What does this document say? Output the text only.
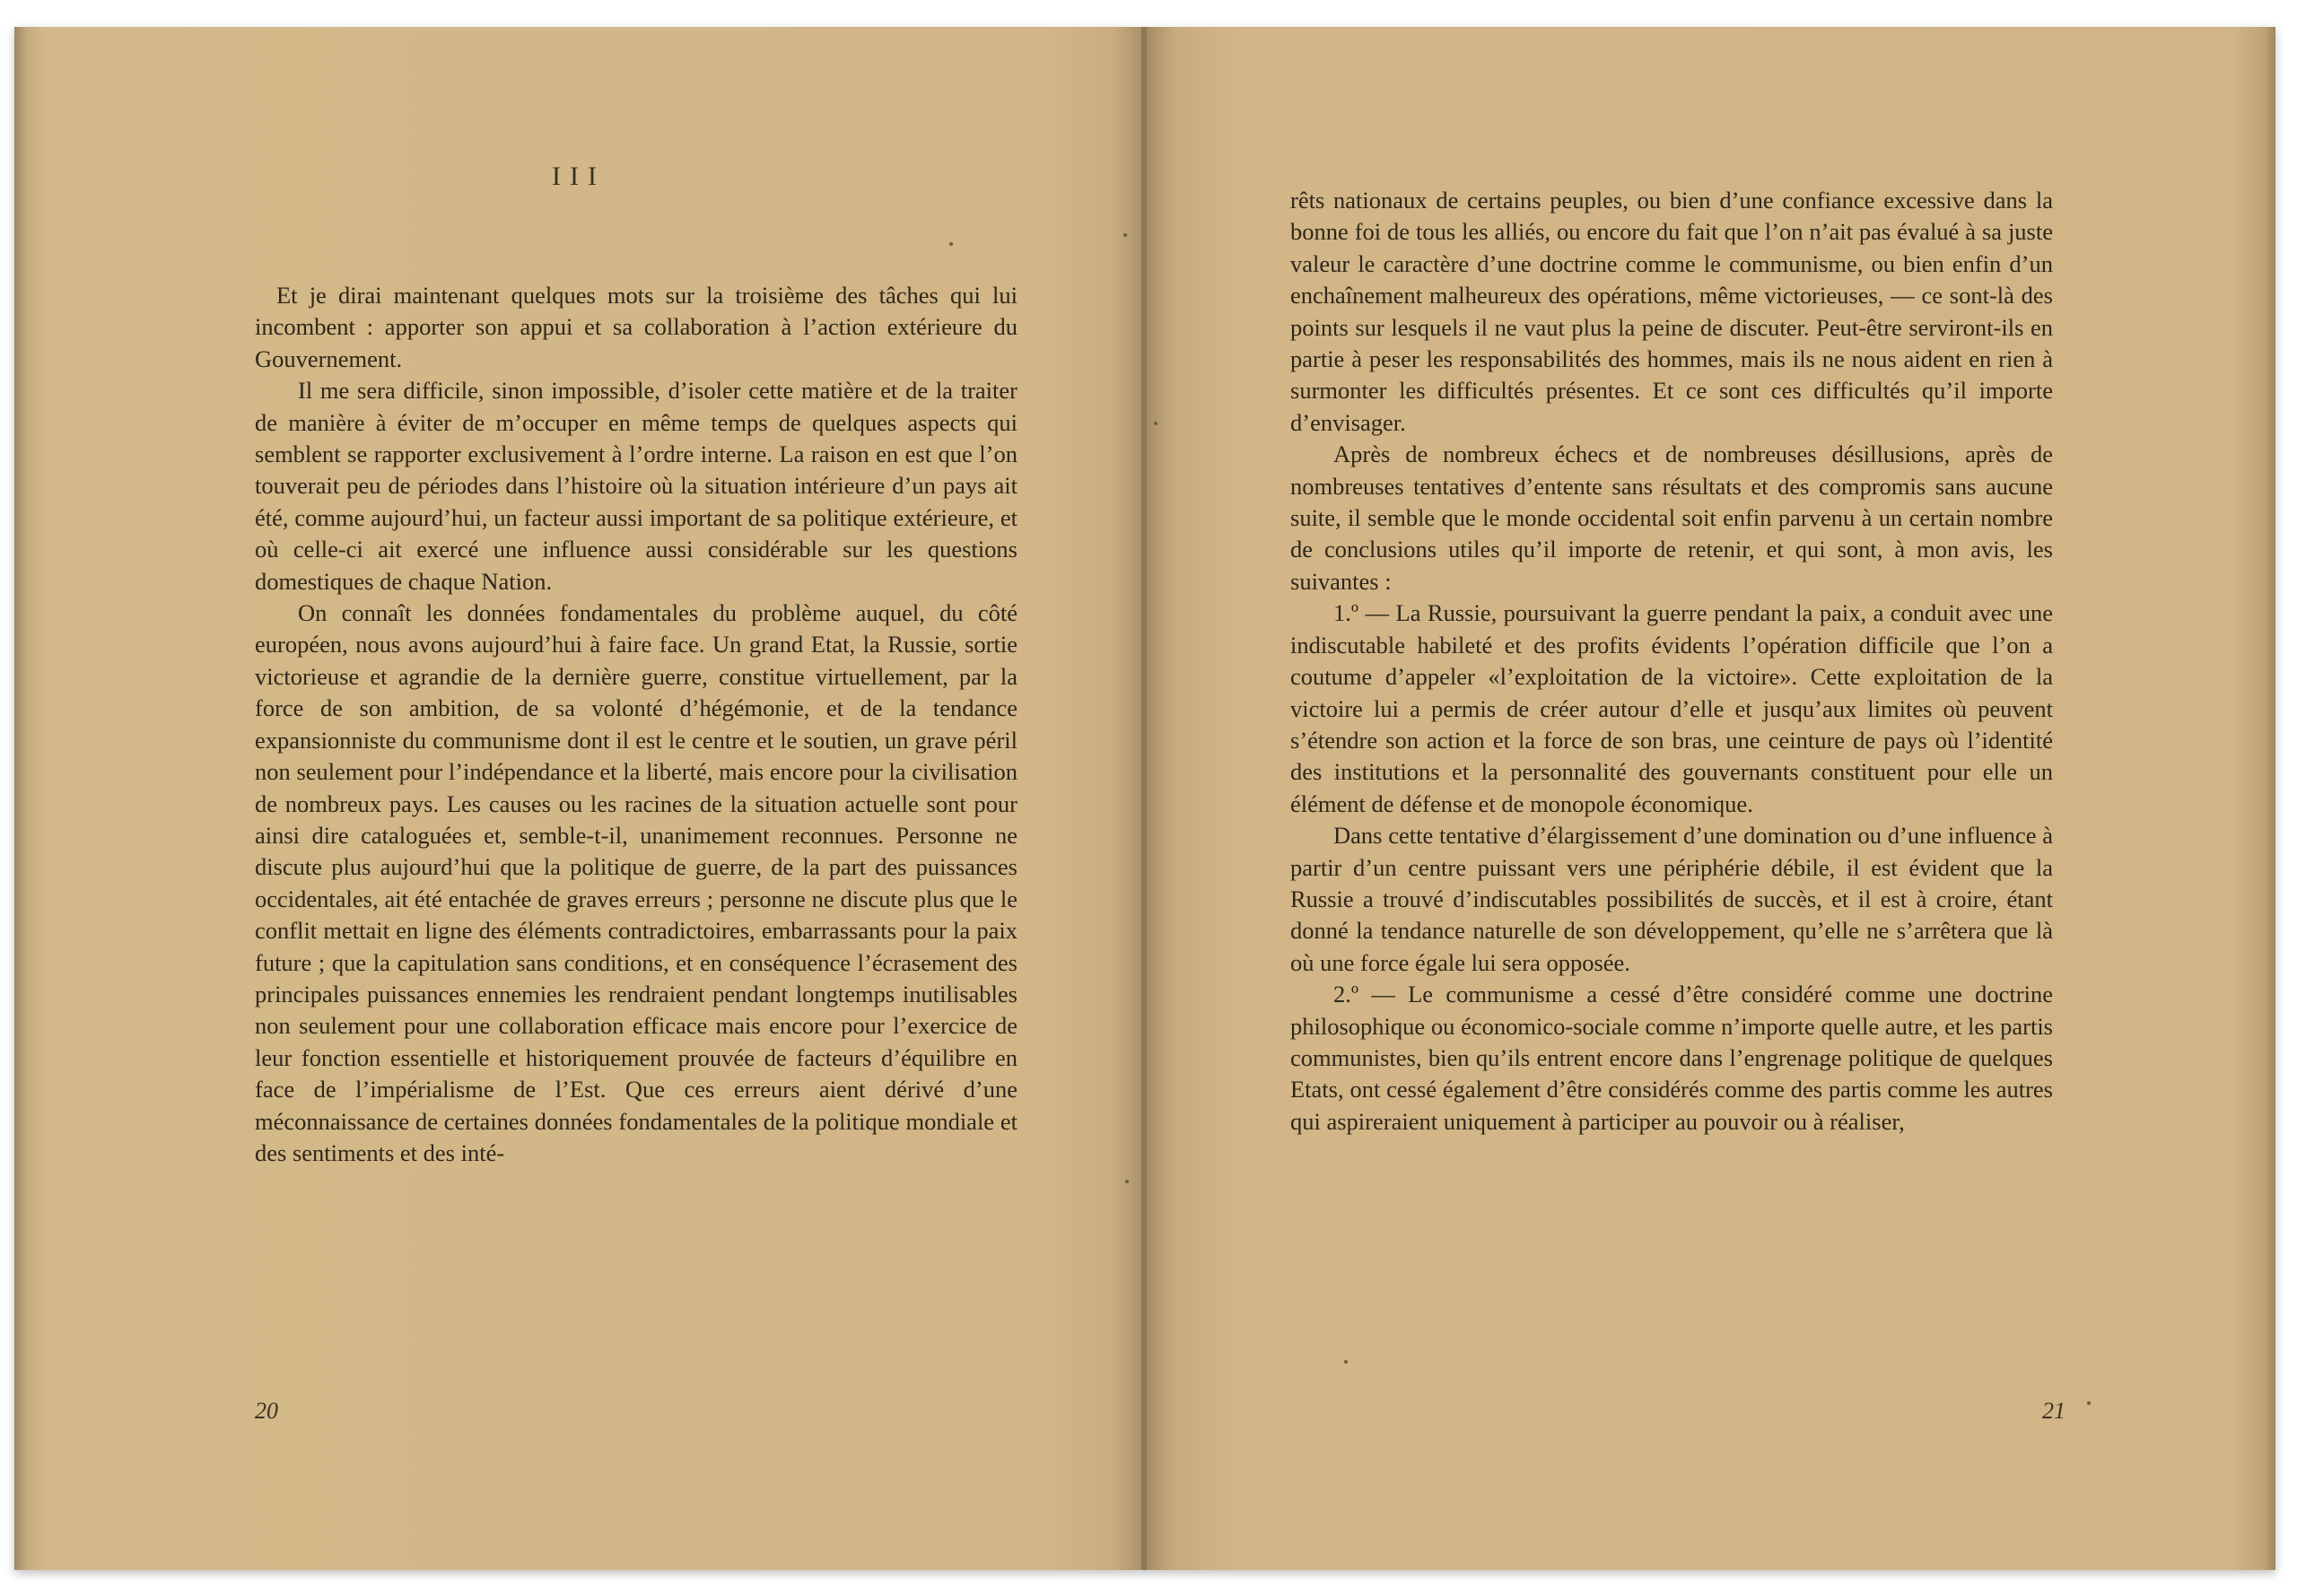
III

Et je dirai maintenant quelques mots sur la troisième des tâches qui lui incombent : apporter son appui et sa collaboration à l’action extérieure du Gouvernement.

Il me sera difficile, sinon impossible, d’isoler cette matière et de la traiter de manière à éviter de m’occuper en même temps de quelques aspects qui semblent se rapporter exclusivement à l’ordre interne. La raison en est que l’on touverait peu de périodes dans l’histoire où la situation intérieure d’un pays ait été, comme aujourd’hui, un facteur aussi important de sa politique extérieure, et où celle-ci ait exercé une influence aussi considérable sur les questions domestiques de chaque Nation.

On connaît les données fondamentales du problème auquel, du côté européen, nous avons aujourd’hui à faire face. Un grand Etat, la Russie, sortie victorieuse et agrandie de la dernière guerre, constitue virtuellement, par la force de son ambition, de sa volonté d’hégémonie, et de la tendance expansionniste du communisme dont il est le centre et le soutien, un grave péril non seulement pour l’indépendance et la liberté, mais encore pour la civilisation de nombreux pays. Les causes ou les racines de la situation actuelle sont pour ainsi dire cataloguées et, semble-t-il, unanimement reconnues. Personne ne discute plus aujourd’hui que la politique de guerre, de la part des puissances occidentales, ait été entachée de graves erreurs ; personne ne discute plus que le conflit mettait en ligne des éléments contradictoires, embarrassants pour la paix future ; que la capitulation sans conditions, et en conséquence l’écrasement des principales puissances ennemies les rendraient pendant longtemps inutilisables non seulement pour une collaboration efficace mais encore pour l’exercice de leur fonction essentielle et historiquement prouvée de facteurs d’équilibre en face de l’impérialisme de l’Est. Que ces erreurs aient dérivé d’une méconnaissance de certaines données fondamentales de la politique mondiale et des sentiments et des inté-

20

rêts nationaux de certains peuples, ou bien d’une confiance excessive dans la bonne foi de tous les alliés, ou encore du fait que l’on n’ait pas évalué à sa juste valeur le caractère d’une doctrine comme le communisme, ou bien enfin d’un enchaînement malheureux des opérations, même victorieuses, — ce sont-là des points sur lesquels il ne vaut plus la peine de discuter. Peut-être serviront-ils en partie à peser les responsabilités des hommes, mais ils ne nous aident en rien à surmonter les difficultés présentes. Et ce sont ces difficultés qu’il importe d’envisager.

Après de nombreux échecs et de nombreuses désillusions, après de nombreuses tentatives d’entente sans résultats et des compromis sans aucune suite, il semble que le monde occidental soit enfin parvenu à un certain nombre de conclusions utiles qu’il importe de retenir, et qui sont, à mon avis, les suivantes :

1.º — La Russie, poursuivant la guerre pendant la paix, a conduit avec une indiscutable habileté et des profits évidents l’opération difficile que l’on a coutume d’appeler «l’exploitation de la victoire». Cette exploitation de la victoire lui a permis de créer autour d’elle et jusqu’aux limites où peuvent s’étendre son action et la force de son bras, une ceinture de pays où l’identité des institutions et la personnalité des gouvernants constituent pour elle un élément de défense et de monopole économique.

Dans cette tentative d’élargissement d’une domination ou d’une influence à partir d’un centre puissant vers une périphérie débile, il est évident que la Russie a trouvé d’indiscutables possibilités de succès, et il est à croire, étant donné la tendance naturelle de son développement, qu’elle ne s’arrêtera que là où une force égale lui sera opposée.

2.º — Le communisme a cessé d’être considéré comme une doctrine philosophique ou économico-sociale comme n’importe quelle autre, et les partis communistes, bien qu’ils entrent encore dans l’engrenage politique de quelques Etats, ont cessé également d’être considérés comme des partis comme les autres qui aspireraient uniquement à participer au pouvoir ou à réaliser,

21
